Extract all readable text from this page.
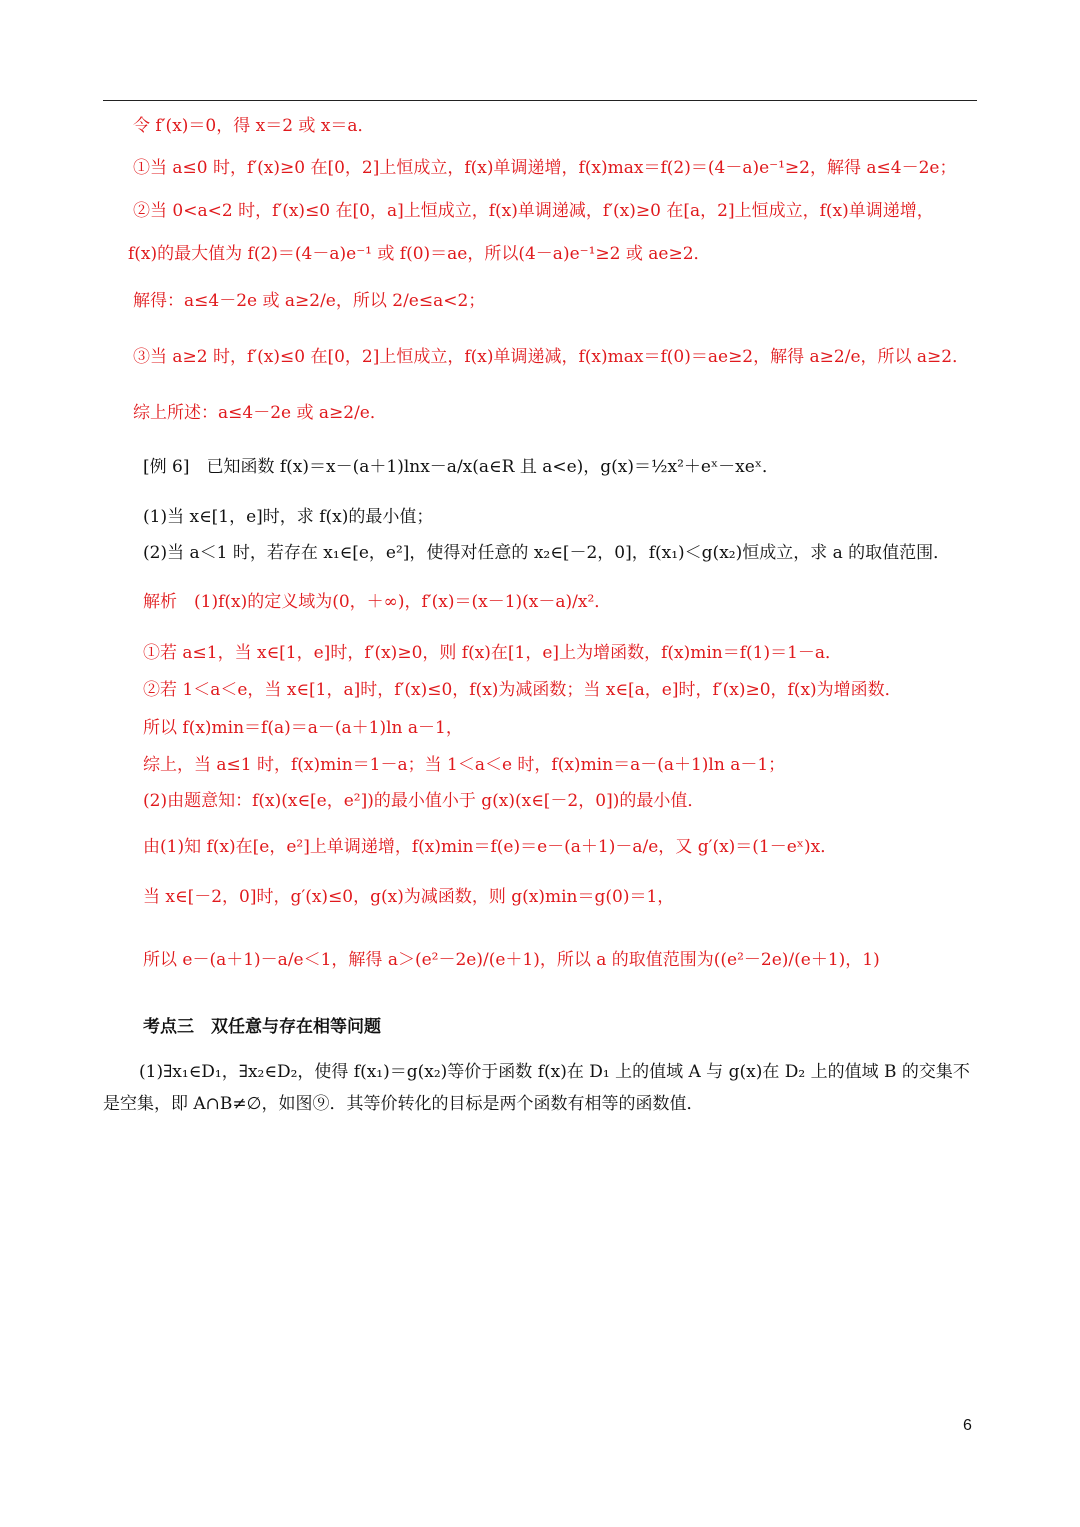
令 f′(x)＝0，得 x＝2 或 x＝a．
①当 a≤0 时，f′(x)≥0 在[0，2]上恒成立，f(x)单调递增，f(x)max＝f(2)＝(4－a)e⁻¹≥2，解得 a≤4－2e；
②当 0<a<2 时，f′(x)≤0 在[0，a]上恒成立，f(x)单调递减，f′(x)≥0 在[a，2]上恒成立，f(x)单调递增，
f(x)的最大值为 f(2)＝(4－a)e⁻¹ 或 f(0)＝ae，所以(4－a)e⁻¹≥2 或 ae≥2．
解得：a≤4－2e 或 a≥2/e，所以 2/e≤a<2；
③当 a≥2 时，f′(x)≤0 在[0，2]上恒成立，f(x)单调递减，f(x)max＝f(0)＝ae≥2，解得 a≥2/e，所以 a≥2．
综上所述：a≤4－2e 或 a≥2/e．
[例 6]　已知函数 f(x)＝x－(a＋1)lnx－a/x(a∈R 且 a<e)，g(x)＝½x²＋eˣ－xeˣ．
(1)当 x∈[1，e]时，求 f(x)的最小值；
(2)当 a＜1 时，若存在 x₁∈[e，e²]，使得对任意的 x₂∈[－2，0]，f(x₁)＜g(x₂)恒成立，求 a 的取值范围．
解析　(1)f(x)的定义域为(0，＋∞)，f′(x)＝(x－1)(x－a)/x²．
①若 a≤1，当 x∈[1，e]时，f′(x)≥0，则 f(x)在[1，e]上为增函数，f(x)min＝f(1)＝1－a．
②若 1＜a＜e，当 x∈[1，a]时，f′(x)≤0，f(x)为减函数；当 x∈[a，e]时，f′(x)≥0，f(x)为增函数．
所以 f(x)min＝f(a)＝a－(a＋1)ln a－1，
综上，当 a≤1 时，f(x)min＝1－a；当 1＜a＜e 时，f(x)min＝a－(a＋1)ln a－1；
(2)由题意知：f(x)(x∈[e，e²])的最小值小于 g(x)(x∈[－2，0])的最小值．
由(1)知 f(x)在[e，e²]上单调递增，f(x)min＝f(e)＝e－(a＋1)－a/e，又 g′(x)＝(1－eˣ)x．
当 x∈[－2，0]时，g′(x)≤0，g(x)为减函数，则 g(x)min＝g(0)＝1，
所以 e－(a＋1)－a/e＜1，解得 a＞(e²－2e)/(e＋1)，所以 a 的取值范围为((e²－2e)/(e＋1)，1)
考点三　双任意与存在相等问题
(1)∃x₁∈D₁，∃x₂∈D₂，使得 f(x₁)＝g(x₂)等价于函数 f(x)在 D₁ 上的值域 A 与 g(x)在 D₂ 上的值域 B 的交集不是空集，即 A∩B≠∅，如图⑨．其等价转化的目标是两个函数有相等的函数值．
6
